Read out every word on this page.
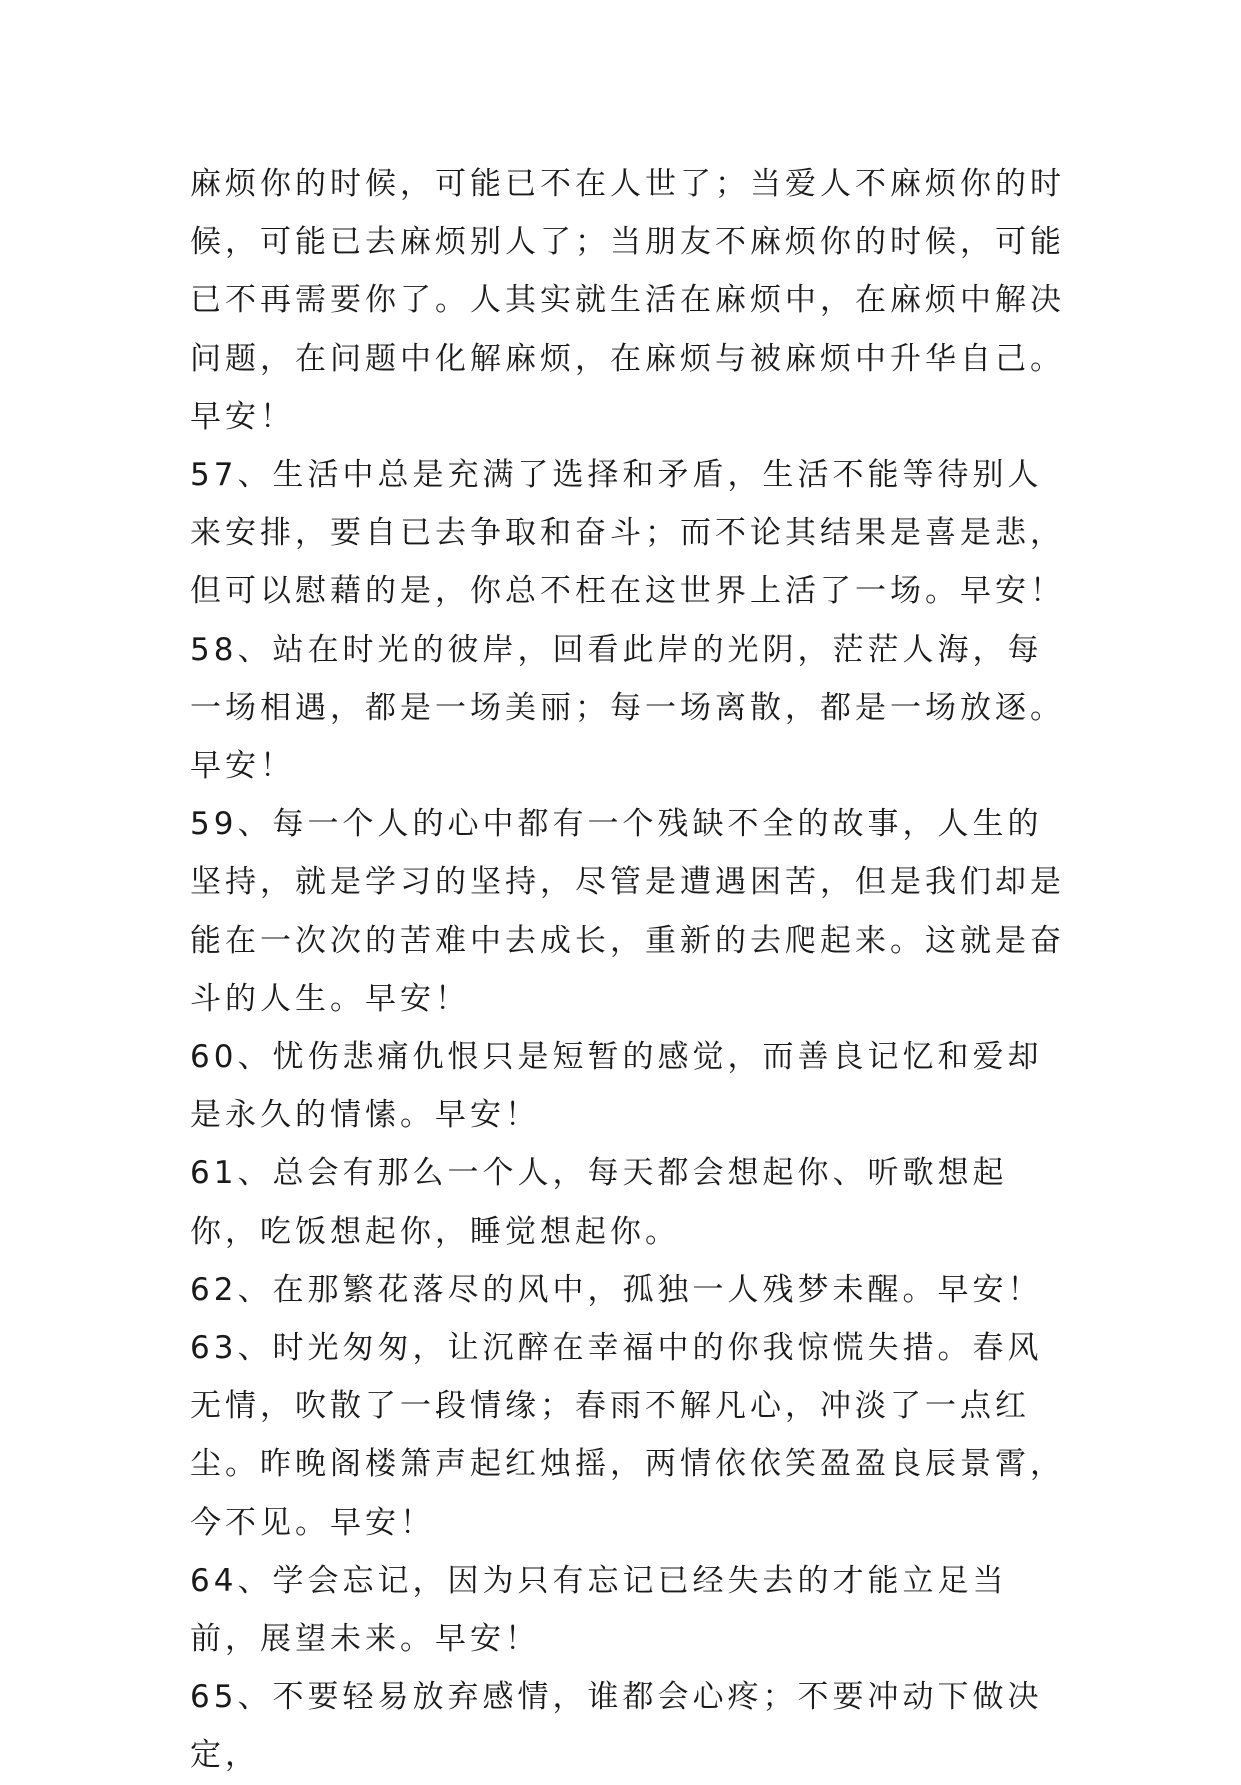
麻烦你的时候，可能已不在人世了；当爱人不麻烦你的时候，可能已去麻烦别人了；当朋友不麻烦你的时候，可能已不再需要你了。人其实就生活在麻烦中，在麻烦中解决问题，在问题中化解麻烦，在麻烦与被麻烦中升华自己。早安！

57、生活中总是充满了选择和矛盾，生活不能等待别人来安排，要自已去争取和奋斗；而不论其结果是喜是悲，但可以慰藉的是，你总不枉在这世界上活了一场。早安！

58、站在时光的彼岸，回看此岸的光阴，茫茫人海，每一场相遇，都是一场美丽；每一场离散，都是一场放逐。早安！

59、每一个人的心中都有一个残缺不全的故事，人生的坚持，就是学习的坚持，尽管是遭遇困苦，但是我们却是能在一次次的苦难中去成长，重新的去爬起来。这就是奋斗的人生。早安！

60、忧伤悲痛仇恨只是短暂的感觉，而善良记忆和爱却是永久的情愫。早安！

61、总会有那么一个人，每天都会想起你、听歌想起你，吃饭想起你，睡觉想起你。

62、在那繁花落尽的风中，孤独一人残梦未醒。早安！

63、时光匆匆，让沉醉在幸福中的你我惊慌失措。春风无情，吹散了一段情缘；春雨不解凡心，冲淡了一点红尘。昨晚阁楼箫声起红烛摇，两情依依笑盈盈良辰景霄，今不见。早安！

64、学会忘记，因为只有忘记已经失去的才能立足当前，展望未来。早安！

65、不要轻易放弃感情，谁都会心疼；不要冲动下做决定，
